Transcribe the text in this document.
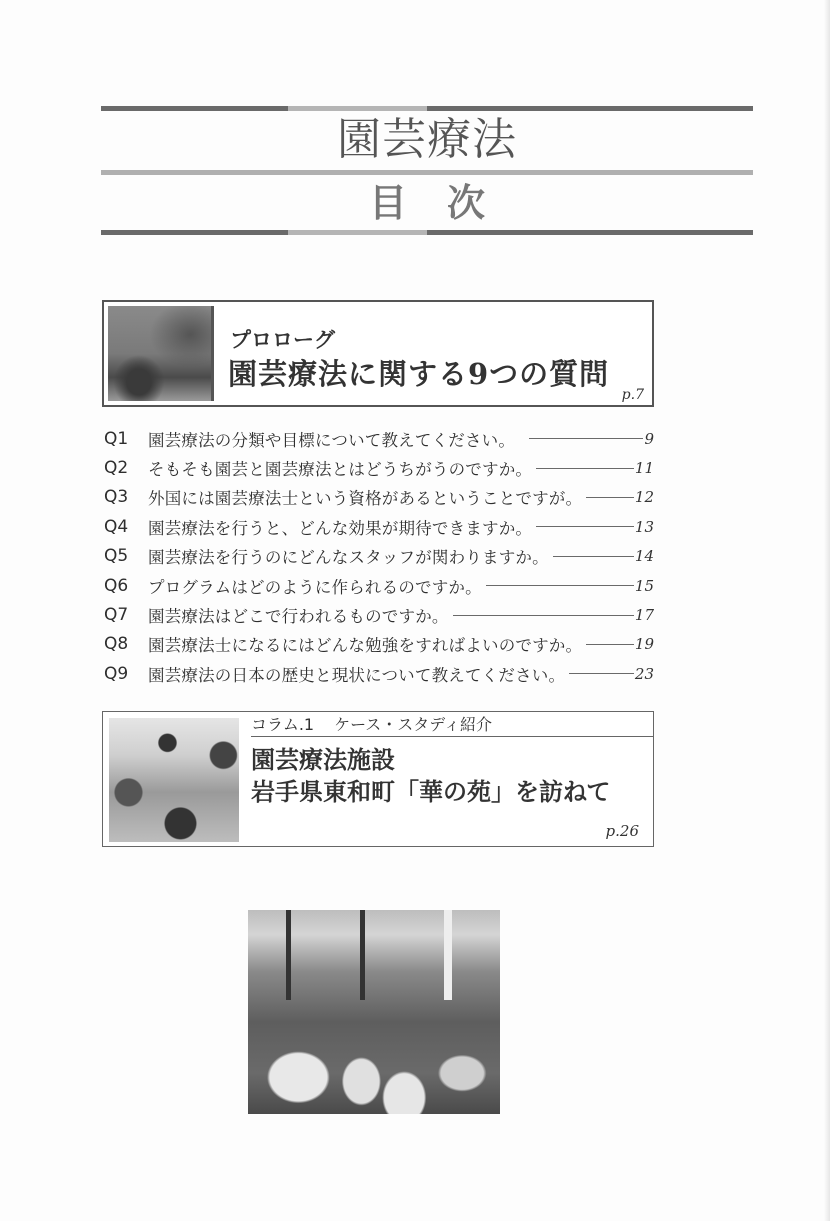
園芸療法
目次
プロローグ
園芸療法に関する9つの質問
p.7
Q1	園芸療法の分類や目標について教えてください。	9
Q2	そもそも園芸と園芸療法とはどうちがうのですか。	11
Q3	外国には園芸療法士という資格があるということですが。	12
Q4	園芸療法を行うと、どんな効果が期待できますか。	13
Q5	園芸療法を行うのにどんなスタッフが関わりますか。	14
Q6	プログラムはどのように作られるのですか。	15
Q7	園芸療法はどこで行われるものですか。	17
Q8	園芸療法士になるにはどんな勉強をすればよいのですか。	19
Q9	園芸療法の日本の歴史と現状について教えてください。	23
コラム.1 ケース・スタディ紹介
園芸療法施設
岩手県東和町「華の苑」を訪ねて
p.26
